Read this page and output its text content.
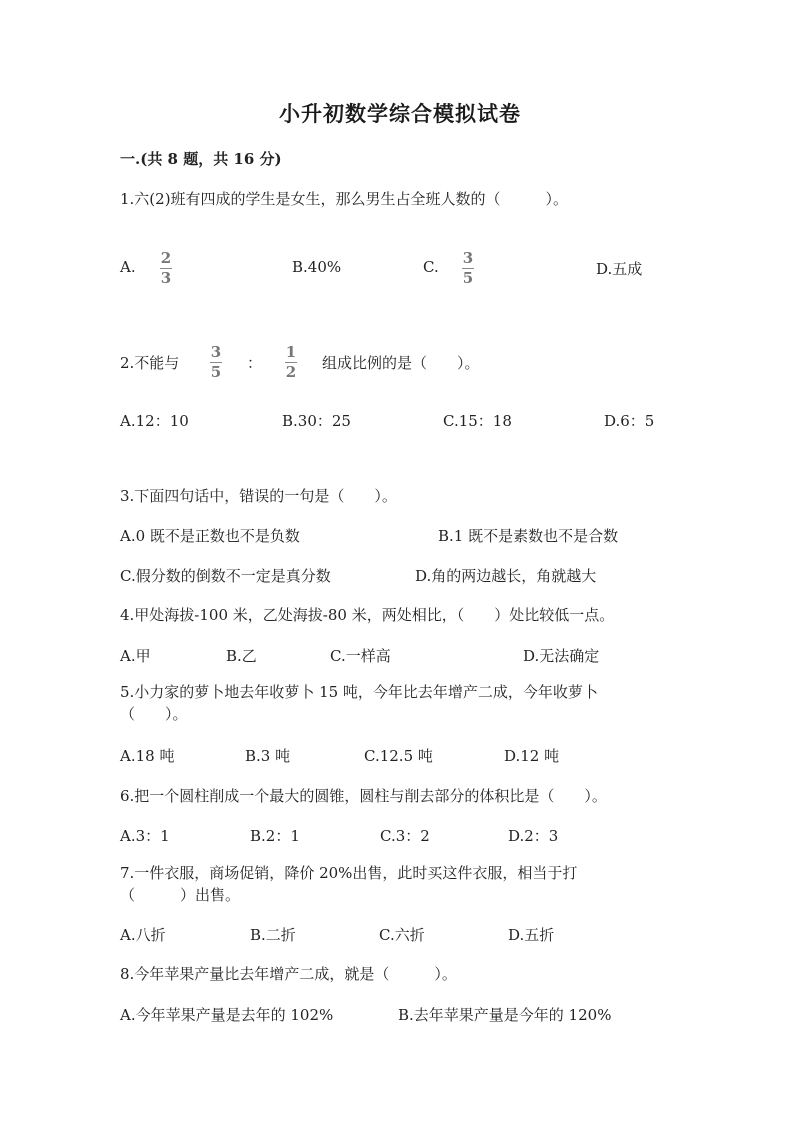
小升初数学综合模拟试卷
一.(共 8 题，共 16 分)
1.六(2)班有四成的学生是女生，那么男生占全班人数的（　　　）。
A. 2
3
B.40%	C. 3
5	D.五成
2.不能与
3
5 ：
1
2 组成比例的是（　　）。
A.12：10	B.30：25	C.15：18	D.6：5
3.下面四句话中，错误的一句是（　　）。
A.0 既不是正数也不是负数	B.1 既不是素数也不是合数
C.假分数的倒数不一定是真分数	D.角的两边越长，角就越大
4.甲处海拔-100 米，乙处海拔-80 米，两处相比，（　　）处比较低一点。
A.甲	B.乙	C.一样高	D.无法确定
5.小力家的萝卜地去年收萝卜 15 吨，今年比去年增产二成，今年收萝卜（　　）。
A.18 吨	B.3 吨	C.12.5 吨	D.12 吨
6.把一个圆柱削成一个最大的圆锥，圆柱与削去部分的体积比是（　　）。
A.3：1	B.2：1	C.3：2	D.2：3
7.一件衣服，商场促销，降价 20%出售，此时买这件衣服，相当于打（　　　）出售。
A.八折	B.二折	C.六折	D.五折
8.今年苹果产量比去年增产二成，就是（　　　）。
A.今年苹果产量是去年的 102%	B.去年苹果产量是今年的 120%
